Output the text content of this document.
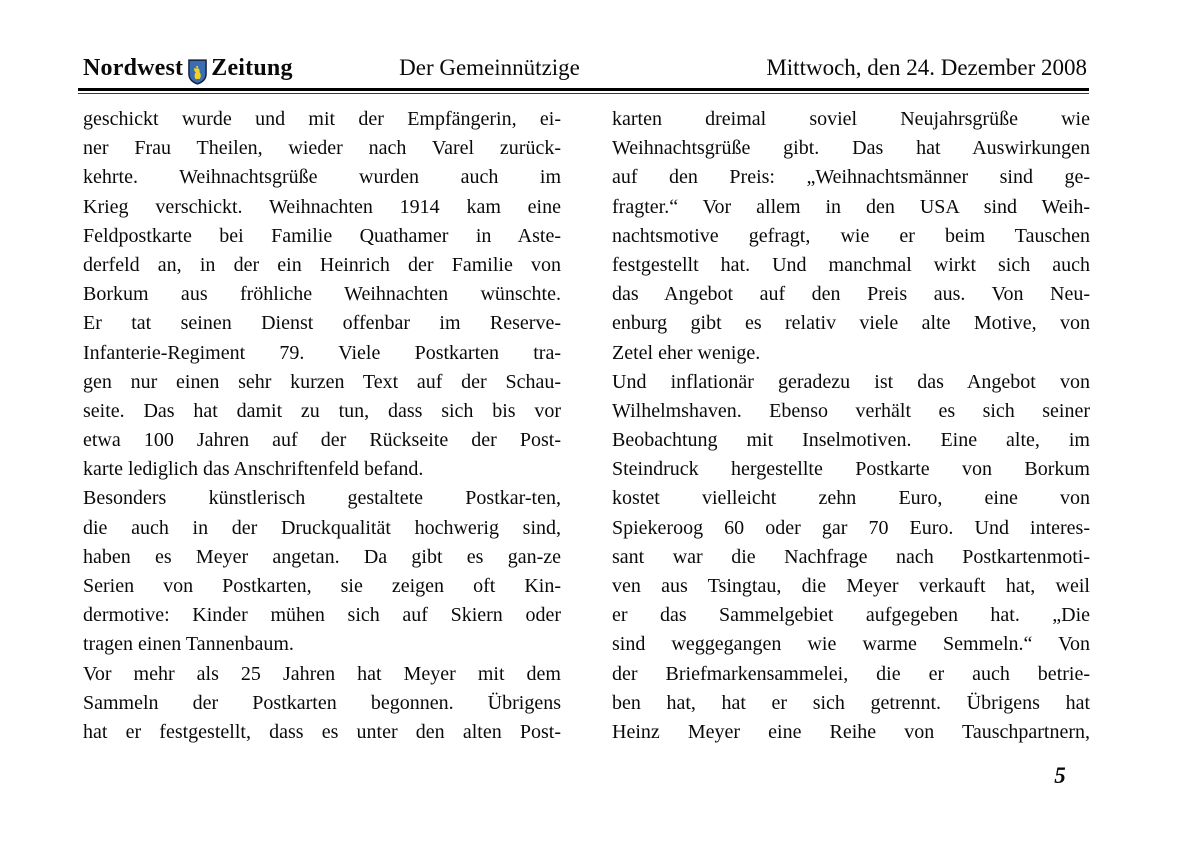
Nordwest Zeitung	Der Gemeinnützige	Mittwoch, den 24. Dezember 2008
geschickt wurde und mit der Empfängerin, ei-
ner Frau Theilen, wieder nach Varel zurück-
kehrte. Weihnachtsgrüße wurden auch im
Krieg verschickt. Weihnachten 1914 kam eine
Feldpostkarte bei Familie Quathamer in Aste-
derfeld an, in der ein Heinrich der Familie von
Borkum aus fröhliche Weihnachten wünschte.
Er tat seinen Dienst offenbar im Reserve-
Infanterie-Regiment 79. Viele Postkarten tra-
gen nur einen sehr kurzen Text auf der Schau-
seite. Das hat damit zu tun, dass sich bis vor
etwa 100 Jahren auf der Rückseite der Post-
karte lediglich das Anschriftenfeld befand.
Besonders künstlerisch gestaltete Postkar-ten,
die auch in der Druckqualität hochwerig sind,
haben es Meyer angetan. Da gibt es gan-ze
Serien von Postkarten, sie zeigen oft Kin-
dermotive: Kinder mühen sich auf Skiern oder
tragen einen Tannenbaum.
Vor mehr als 25 Jahren hat Meyer mit dem
Sammeln der Postkarten begonnen. Übrigens
hat er festgestellt, dass es unter den alten Post-
karten dreimal soviel Neujahrsgrüße wie
Weihnachtsgrüße gibt. Das hat Auswirkungen
auf den Preis: „Weihnachtsmänner sind ge-
fragter.“ Vor allem in den USA sind Weih-
nachtsmotive gefragt, wie er beim Tauschen
festgestellt hat. Und manchmal wirkt sich auch
das Angebot auf den Preis aus. Von Neu-
enburg gibt es relativ viele alte Motive, von
Zetel eher wenige.
Und inflationär geradezu ist das Angebot von
Wilhelmshaven. Ebenso verhält es sich seiner
Beobachtung mit Inselmotiven. Eine alte, im
Steindruck hergestellte Postkarte von Borkum
kostet vielleicht zehn Euro, eine von
Spiekeroog 60 oder gar 70 Euro. Und interes-
sant war die Nachfrage nach Postkartenmoti-
ven aus Tsingtau, die Meyer verkauft hat, weil
er das Sammelgebiet aufgegeben hat. „Die
sind weggegangen wie warme Semmeln.“ Von
der Briefmarkensammelei, die er auch betrie-
ben hat, hat er sich getrennt. Übrigens hat
Heinz Meyer eine Reihe von Tauschpartnern,
5
